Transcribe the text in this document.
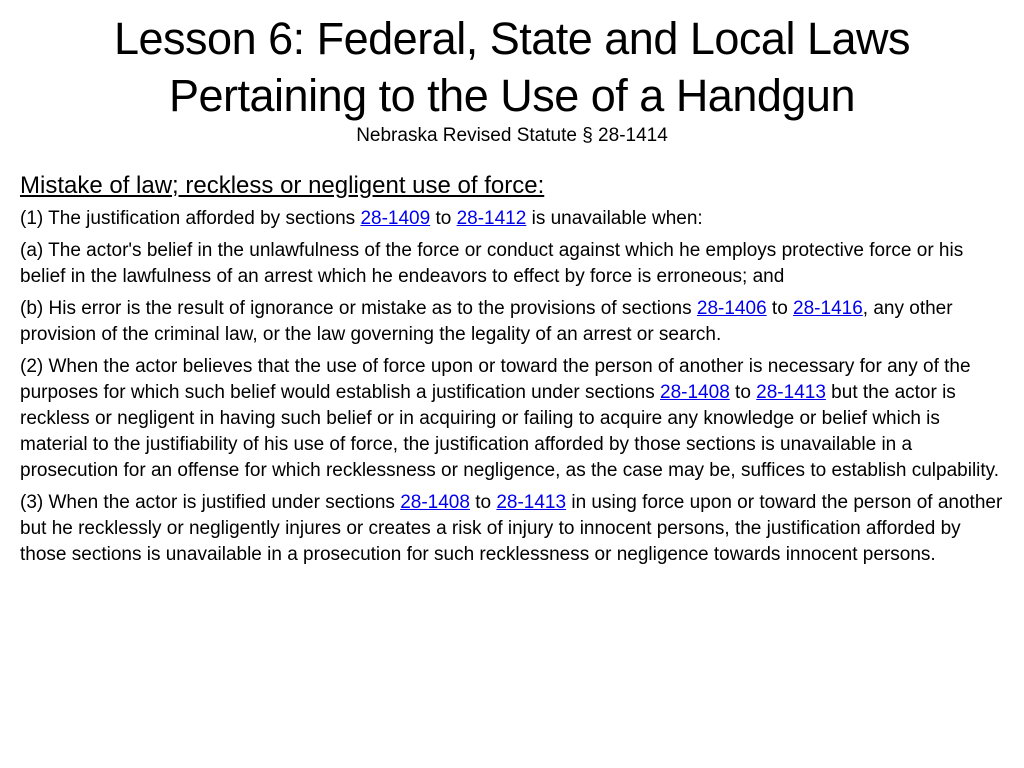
Lesson 6: Federal, State and Local Laws
Pertaining to the Use of a Handgun

Nebraska Revised Statute § 28-1414

Mistake of law; reckless or negligent use of force:

(1) The justification afforded by sections 28-1409 to 28-1412 is unavailable when:

(a) The actor's belief in the unlawfulness of the force or conduct against which he employs protective force or his belief in the lawfulness of an arrest which he endeavors to effect by force is erroneous; and

(b) His error is the result of ignorance or mistake as to the provisions of sections 28-1406 to 28-1416, any other provision of the criminal law, or the law governing the legality of an arrest or search.

(2) When the actor believes that the use of force upon or toward the person of another is necessary for any of the purposes for which such belief would establish a justification under sections 28-1408 to 28-1413 but the actor is reckless or negligent in having such belief or in acquiring or failing to acquire any knowledge or belief which is material to the justifiability of his use of force, the justification afforded by those sections is unavailable in a prosecution for an offense for which recklessness or negligence, as the case may be, suffices to establish culpability.

(3) When the actor is justified under sections 28-1408 to 28-1413 in using force upon or toward the person of another but he recklessly or negligently injures or creates a risk of injury to innocent persons, the justification afforded by those sections is unavailable in a prosecution for such recklessness or negligence towards innocent persons.
